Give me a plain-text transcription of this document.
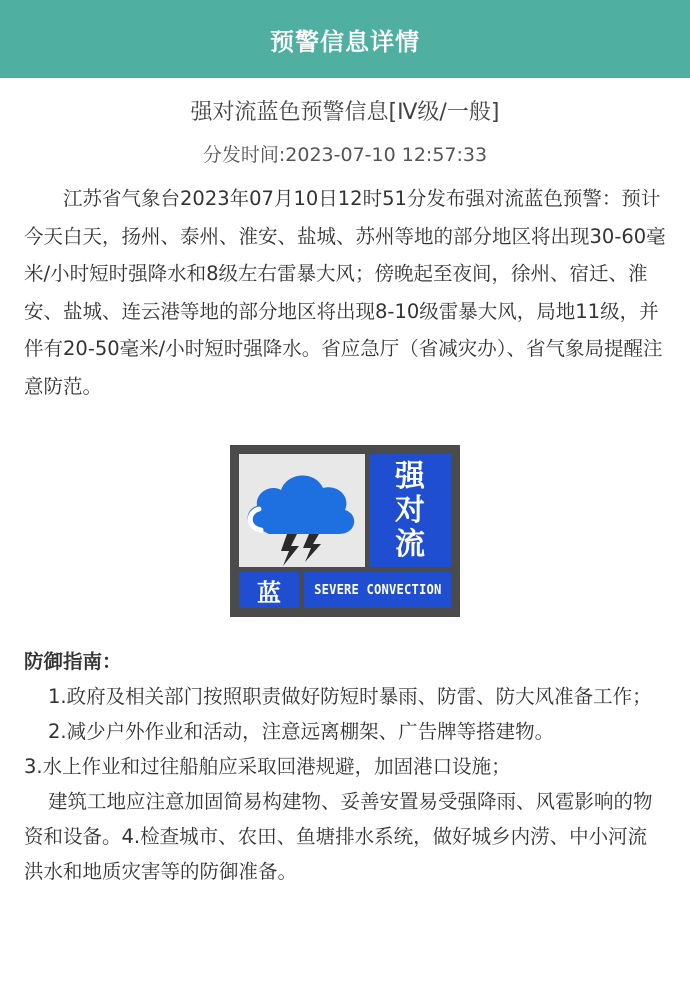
预警信息详情
强对流蓝色预警信息[Ⅳ级/一般]
分发时间:2023-07-10 12:57:33
江苏省气象台2023年07月10日12时51分发布强对流蓝色预警：预计今天白天，扬州、泰州、淮安、盐城、苏州等地的部分地区将出现30-60毫米/小时短时强降水和8级左右雷暴大风；傍晚起至夜间，徐州、宿迁、淮安、盐城、连云港等地的部分地区将出现8-10级雷暴大风，局地11级，并伴有20-50毫米/小时短时强降水。省应急厅（省减灾办）、省气象局提醒注意防范。
强
对
流
蓝 SEVERE CONVECTION
防御指南：
1.政府及相关部门按照职责做好防短时暴雨、防雷、防大风准备工作；
2.减少户外作业和活动，注意远离棚架、广告牌等搭建物。
3.水上作业和过往船舶应采取回港规避，加固港口设施；
建筑工地应注意加固简易构建物、妥善安置易受强降雨、风雹影响的物资和设备。4.检查城市、农田、鱼塘排水系统，做好城乡内涝、中小河流洪水和地质灾害等的防御准备。
